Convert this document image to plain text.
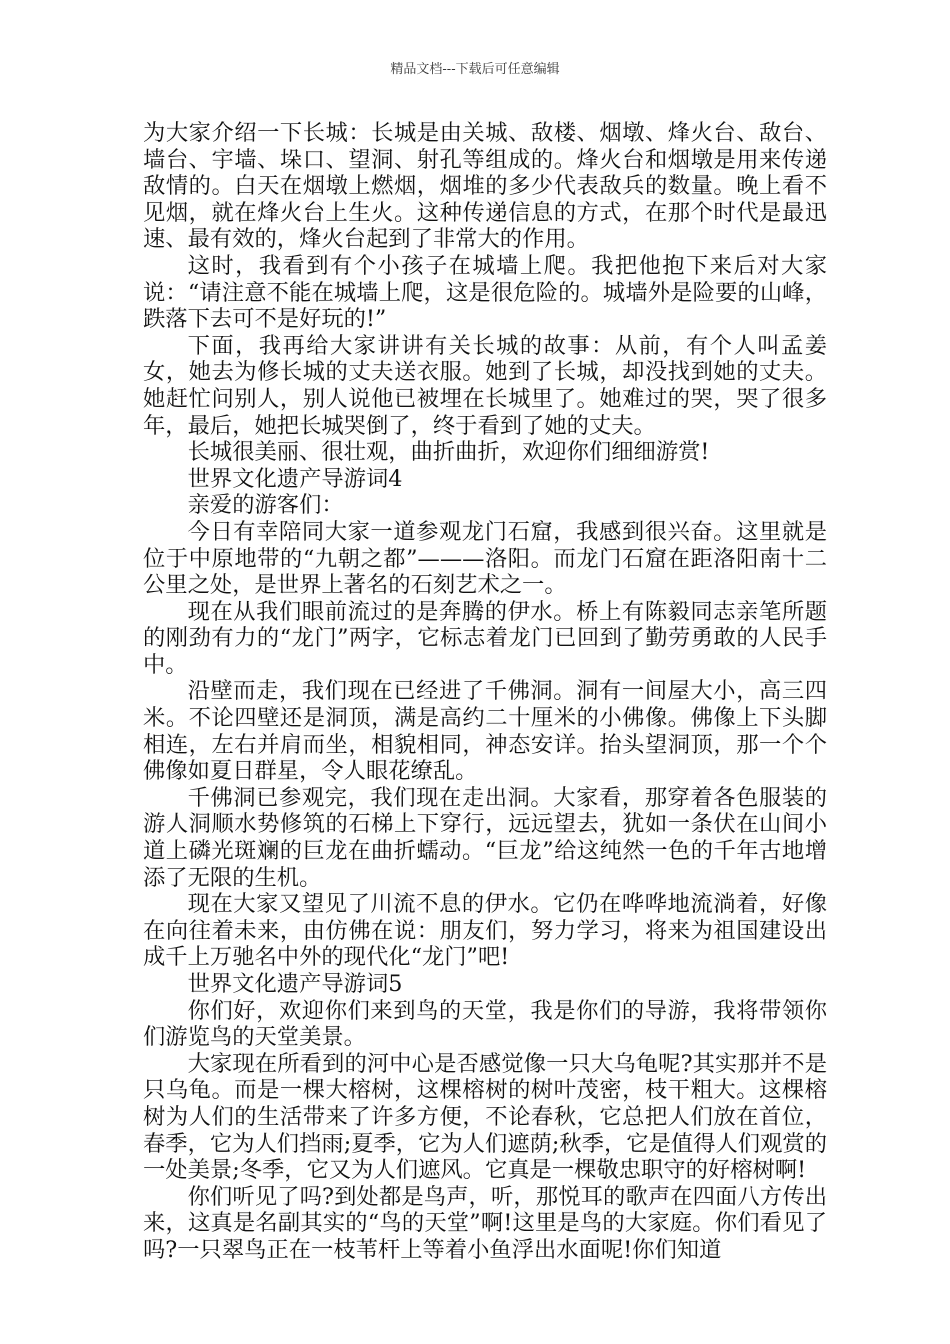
精品文档---下载后可任意编辑

为大家介绍一下长城：长城是由关城、敌楼、烟墩、烽火台、敌台、墙台、宇墙、垛口、望洞、射孔等组成的。烽火台和烟墩是用来传递敌情的。白天在烟墩上燃烟，烟堆的多少代表敌兵的数量。晚上看不见烟，就在烽火台上生火。这种传递信息的方式，在那个时代是最迅速、最有效的，烽火台起到了非常大的作用。

这时，我看到有个小孩子在城墙上爬。我把他抱下来后对大家说：“请注意不能在城墙上爬，这是很危险的。城墙外是险要的山峰，跌落下去可不是好玩的!”

下面，我再给大家讲讲有关长城的故事：从前，有个人叫孟姜女，她去为修长城的丈夫送衣服。她到了长城，却没找到她的丈夫。她赶忙问别人，别人说他已被埋在长城里了。她难过的哭，哭了很多年，最后，她把长城哭倒了，终于看到了她的丈夫。

长城很美丽、很壮观，曲折曲折，欢迎你们细细游赏!

世界文化遗产导游词4

亲爱的游客们：

今日有幸陪同大家一道参观龙门石窟，我感到很兴奋。这里就是位于中原地带的“九朝之都”———洛阳。而龙门石窟在距洛阳南十二公里之处，是世界上著名的石刻艺术之一。

现在从我们眼前流过的是奔腾的伊水。桥上有陈毅同志亲笔所题的刚劲有力的“龙门”两字，它标志着龙门已回到了勤劳勇敢的人民手中。

沿壁而走，我们现在已经进了千佛洞。洞有一间屋大小，高三四米。不论四壁还是洞顶，满是高约二十厘米的小佛像。佛像上下头脚相连，左右并肩而坐，相貌相同，神态安详。抬头望洞顶，那一个个佛像如夏日群星，令人眼花缭乱。

千佛洞已参观完，我们现在走出洞。大家看，那穿着各色服装的游人洞顺水势修筑的石梯上下穿行，远远望去，犹如一条伏在山间小道上磷光斑斓的巨龙在曲折蠕动。“巨龙”给这纯然一色的千年古地增添了无限的生机。

现在大家又望见了川流不息的伊水。它仍在哗哗地流淌着，好像在向往着未来，由仿佛在说：朋友们，努力学习，将来为祖国建设出成千上万驰名中外的现代化“龙门”吧!

世界文化遗产导游词5

你们好，欢迎你们来到鸟的天堂，我是你们的导游，我将带领你们游览鸟的天堂美景。

大家现在所看到的河中心是否感觉像一只大乌龟呢?其实那并不是只乌龟。而是一棵大榕树，这棵榕树的树叶茂密，枝干粗大。这棵榕树为人们的生活带来了许多方便，不论春秋，它总把人们放在首位，春季，它为人们挡雨;夏季，它为人们遮荫;秋季，它是值得人们观赏的一处美景;冬季，它又为人们遮风。它真是一棵敬忠职守的好榕树啊!

你们听见了吗?到处都是鸟声，听，那悦耳的歌声在四面八方传出来，这真是名副其实的“鸟的天堂”啊!这里是鸟的大家庭。你们看见了吗?一只翠鸟正在一枝苇杆上等着小鱼浮出水面呢!你们知道
